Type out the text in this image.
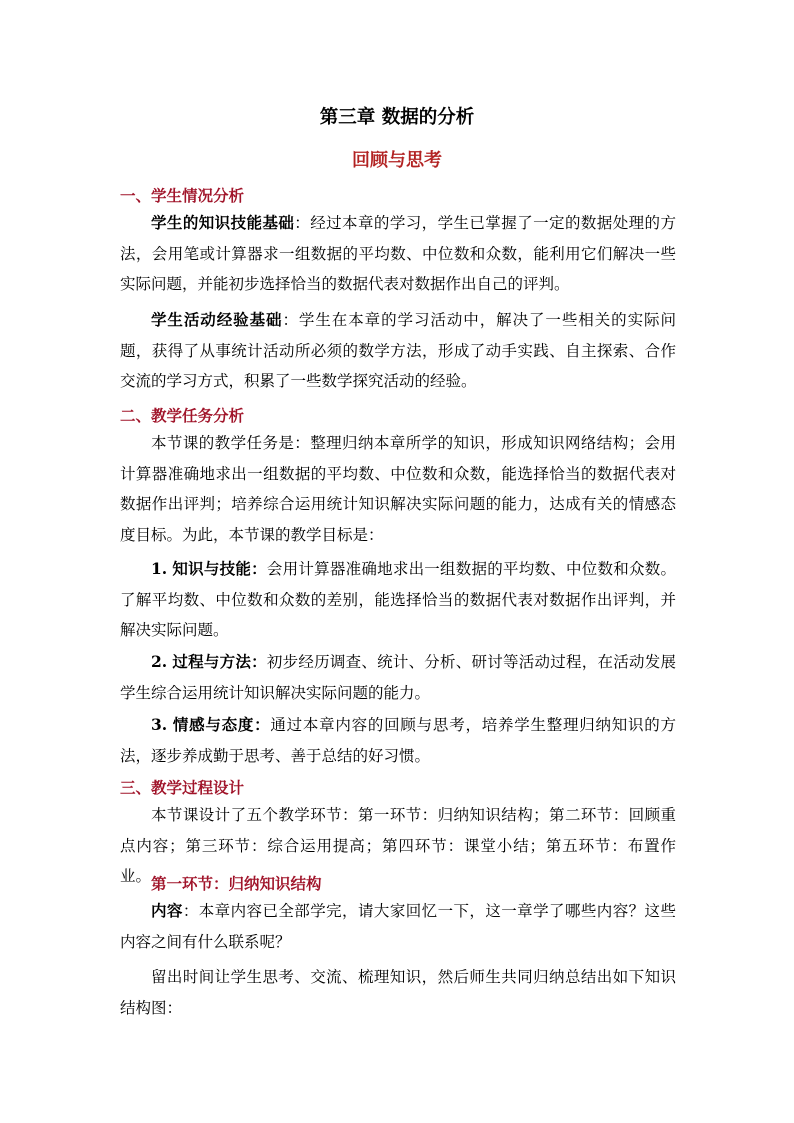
第三章 数据的分析
回顾与思考
一、学生情况分析

学生的知识技能基础：经过本章的学习，学生已掌握了一定的数据处理的方法，会用笔或计算器求一组数据的平均数、中位数和众数，能利用它们解决一些实际问题，并能初步选择恰当的数据代表对数据作出自己的评判。

学生活动经验基础：学生在本章的学习活动中，解决了一些相关的实际问题，获得了从事统计活动所必须的数学方法，形成了动手实践、自主探索、合作交流的学习方式，积累了一些数学探究活动的经验。

二、教学任务分析

本节课的教学任务是：整理归纳本章所学的知识，形成知识网络结构；会用计算器准确地求出一组数据的平均数、中位数和众数，能选择恰当的数据代表对数据作出评判；培养综合运用统计知识解决实际问题的能力，达成有关的情感态度目标。为此，本节课的教学目标是：

1. 知识与技能：会用计算器准确地求出一组数据的平均数、中位数和众数。了解平均数、中位数和众数的差别，能选择恰当的数据代表对数据作出评判，并解决实际问题。

2. 过程与方法：初步经历调查、统计、分析、研讨等活动过程，在活动发展学生综合运用统计知识解决实际问题的能力。

3. 情感与态度：通过本章内容的回顾与思考，培养学生整理归纳知识的方法，逐步养成勤于思考、善于总结的好习惯。

三、教学过程设计

本节课设计了五个教学环节：第一环节：归纳知识结构；第二环节：回顾重点内容；第三环节：综合运用提高；第四环节：课堂小结；第五环节：布置作业。 第一环节：归纳知识结构

内容：本章内容已全部学完，请大家回忆一下，这一章学了哪些内容？这些内容之间有什么联系呢？

留出时间让学生思考、交流、梳理知识，然后师生共同归纳总结出如下知识结构图：
